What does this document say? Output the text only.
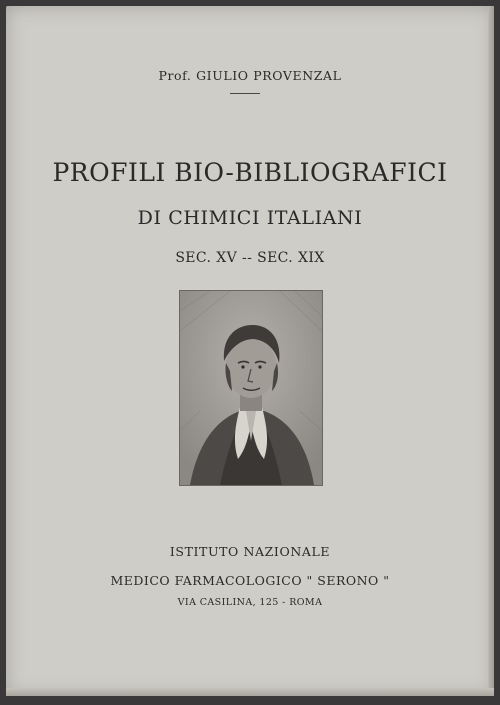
Prof. GIULIO PROVENZAL
PROFILI BIO-BIBLIOGRAFICI
DI CHIMICI ITALIANI
SEC. XV -- SEC. XIX
ISTITUTO NAZIONALE
MEDICO FARMACOLOGICO " SERONO "
VIA CASILINA, 125 - ROMA
